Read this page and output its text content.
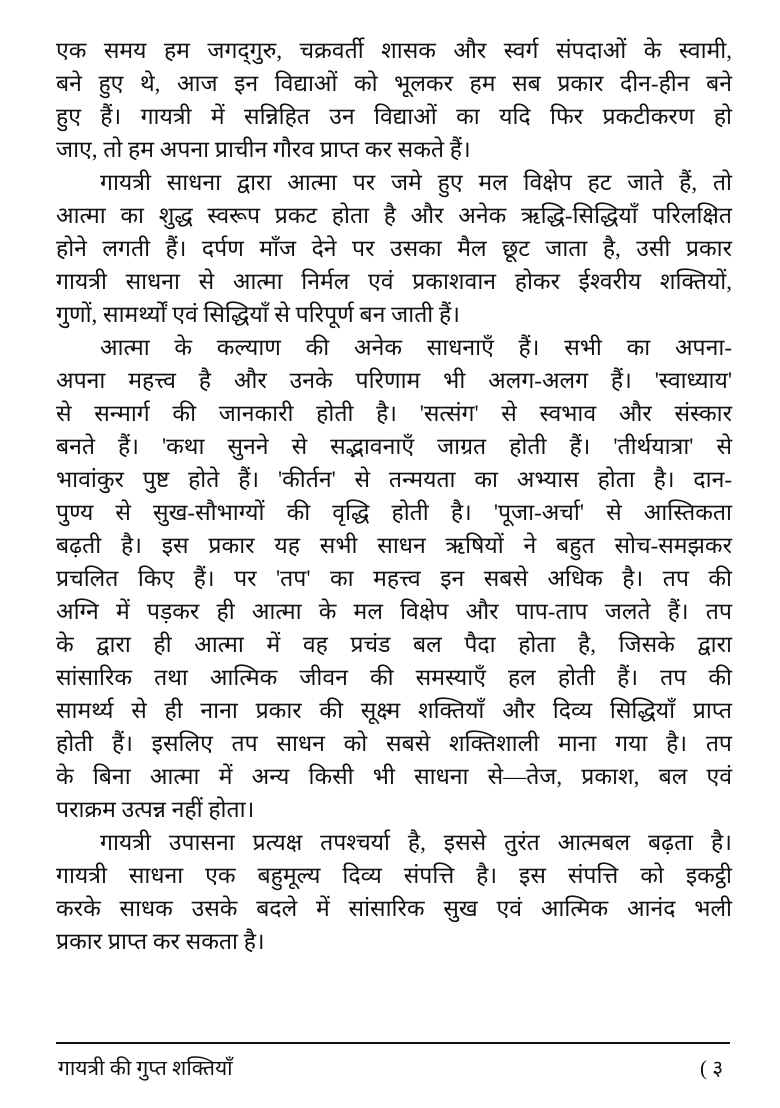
एक समय हम जगद्‌गुरु, चक्रवर्ती शासक और स्वर्ग संपदाओं के स्वामी,
बने हुए थे, आज इन विद्याओं को भूलकर हम सब प्रकार दीन-हीन बने
हुए हैं। गायत्री में सन्निहित उन विद्याओं का यदि फिर प्रकटीकरण हो
जाए, तो हम अपना प्राचीन गौरव प्राप्त कर सकते हैं।
गायत्री साधना द्वारा आत्मा पर जमे हुए मल विक्षेप हट जाते हैं, तो
आत्मा का शुद्ध स्वरूप प्रकट होता है और अनेक ऋद्धि-सिद्धियाँ परिलक्षित
होने लगती हैं। दर्पण माँज देने पर उसका मैल छूट जाता है, उसी प्रकार
गायत्री साधना से आत्मा निर्मल एवं प्रकाशवान होकर ईश्वरीय शक्तियों,
गुणों, सामर्थ्यों एवं सिद्धियाँ से परिपूर्ण बन जाती हैं।
आत्मा के कल्याण की अनेक साधनाएँ हैं। सभी का अपना-
अपना महत्त्व है और उनके परिणाम भी अलग-अलग हैं। 'स्वाध्याय'
से सन्मार्ग की जानकारी होती है। 'सत्संग' से स्वभाव और संस्कार
बनते हैं। 'कथा सुनने से सद्भावनाएँ जाग्रत होती हैं। 'तीर्थयात्रा' से
भावांकुर पुष्ट होते हैं। 'कीर्तन' से तन्मयता का अभ्यास होता है। दान-
पुण्य से सुख-सौभाग्यों की वृद्धि होती है। 'पूजा-अर्चा' से आस्तिकता
बढ़ती है। इस प्रकार यह सभी साधन ऋषियों ने बहुत सोच-समझकर
प्रचलित किए हैं। पर 'तप' का महत्त्व इन सबसे अधिक है। तप की
अग्नि में पड़कर ही आत्मा के मल विक्षेप और पाप-ताप जलते हैं। तप
के द्वारा ही आत्मा में वह प्रचंड बल पैदा होता है, जिसके द्वारा
सांसारिक तथा आत्मिक जीवन की समस्याएँ हल होती हैं। तप की
सामर्थ्य से ही नाना प्रकार की सूक्ष्म शक्तियाँ और दिव्य सिद्धियाँ प्राप्त
होती हैं। इसलिए तप साधन को सबसे शक्तिशाली माना गया है। तप
के बिना आत्मा में अन्य किसी भी साधना से—तेज, प्रकाश, बल एवं
पराक्रम उत्पन्न नहीं होता।
गायत्री उपासना प्रत्यक्ष तपश्चर्या है, इससे तुरंत आत्मबल बढ़ता है।
गायत्री साधना एक बहुमूल्य दिव्य संपत्ति है। इस संपत्ति को इकट्ठी
करके साधक उसके बदले में सांसारिक सुख एवं आत्मिक आनंद भली
प्रकार प्राप्त कर सकता है।
गायत्री की गुप्त शक्तियाँ	( ३
